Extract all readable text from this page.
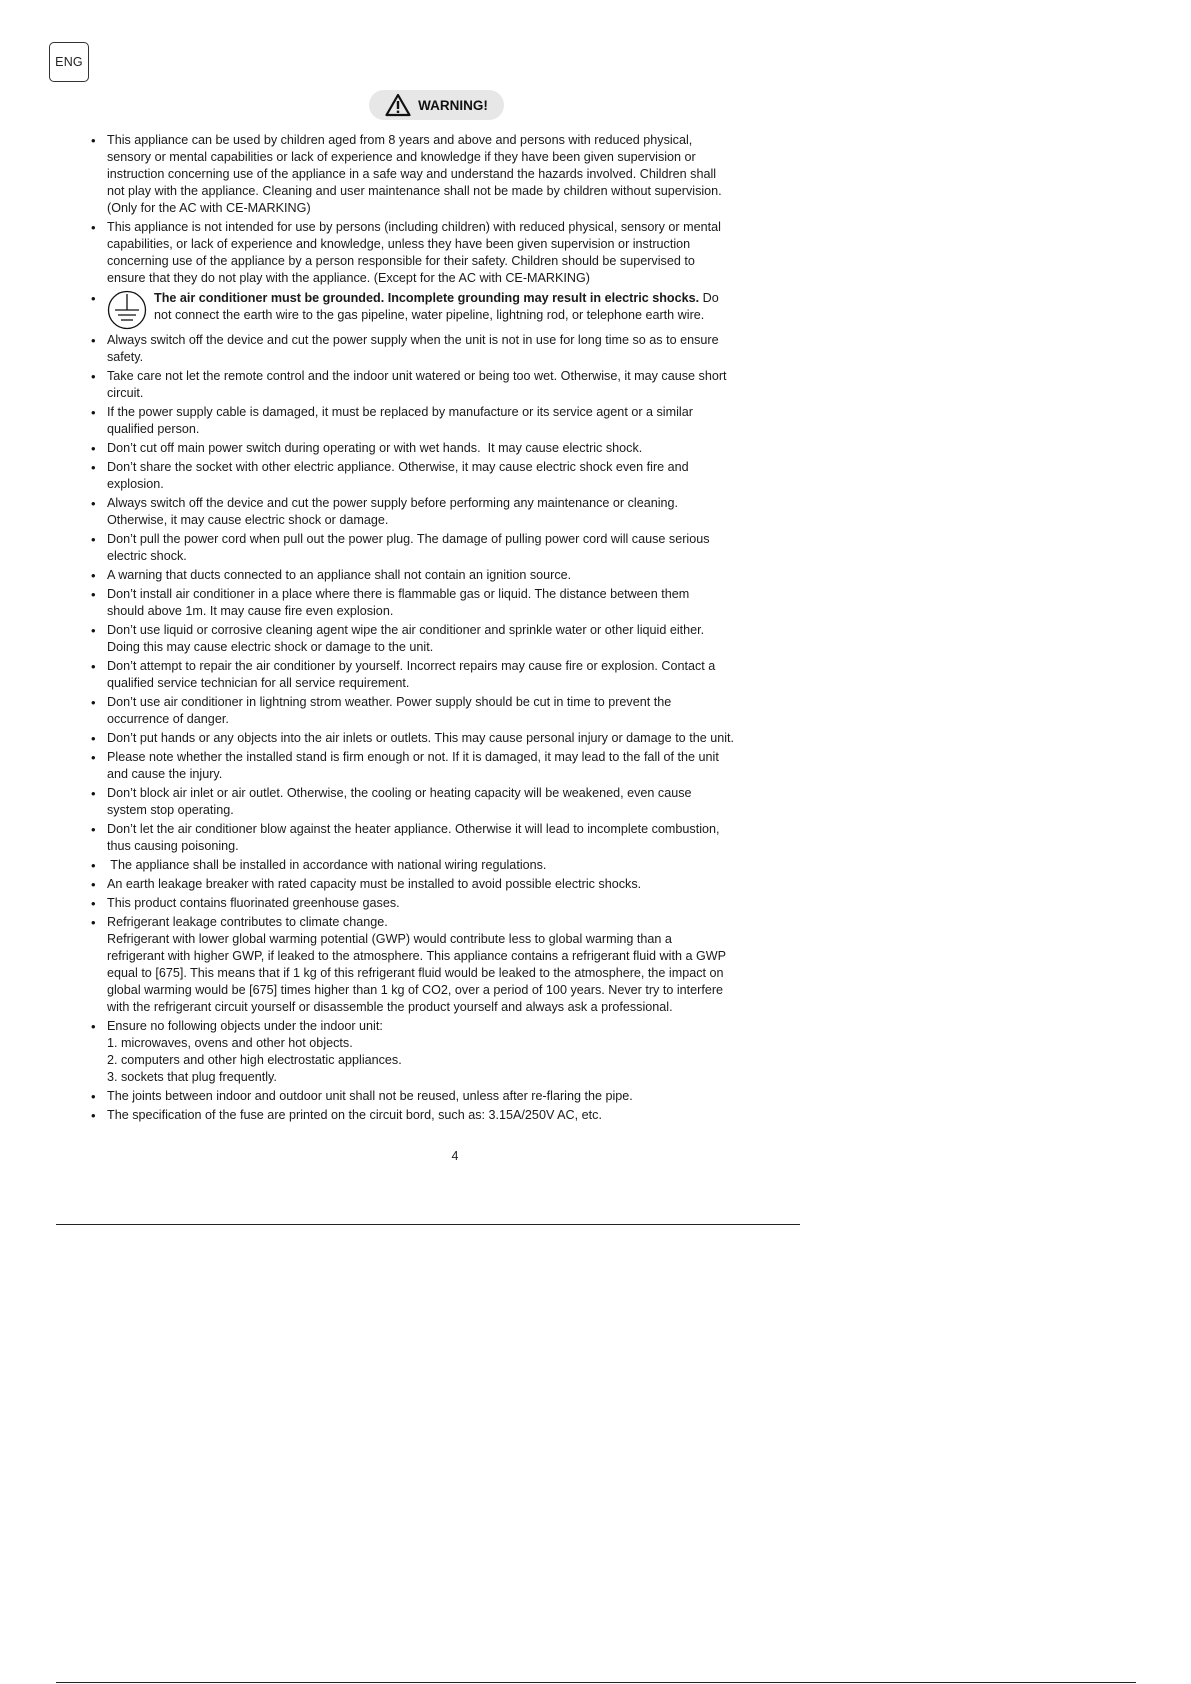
ENG
WARNING!
• This appliance can be used by children aged from 8 years and above and persons with reduced physical,
sensory or mental capabilities or lack of experience and knowledge if they have been given supervision or
instruction concerning use of the appliance in a safe way and understand the hazards involved. Children shall
not play with the appliance. Cleaning and user maintenance shall not be made by children without supervision.
(Only for the AC with CE-MARKING)
• This appliance is not intended for use by persons (including children) with reduced physical, sensory or mental
capabilities, or lack of experience and knowledge, unless they have been given supervision or instruction
concerning use of the appliance by a person responsible for their safety. Children should be supervised to
ensure that they do not play with the appliance. (Except for the AC with CE-MARKING)
• The air conditioner must be grounded. Incomplete grounding may result in electric shocks. Do
not connect the earth wire to the gas pipeline, water pipeline, lightning rod, or telephone earth wire.
• Always switch off the device and cut the power supply when the unit is not in use for long time so as to ensure
safety.
• Take care not let the remote control and the indoor unit watered or being too wet. Otherwise, it may cause short
circuit.
• If the power supply cable is damaged, it must be replaced by manufacture or its service agent or a similar
qualified person.
• Don’t cut off main power switch during operating or with wet hands.  It may cause electric shock.
• Don’t share the socket with other electric appliance. Otherwise, it may cause electric shock even fire and
explosion.
• Always switch off the device and cut the power supply before performing any maintenance or cleaning.
Otherwise, it may cause electric shock or damage.
• Don’t pull the power cord when pull out the power plug. The damage of pulling power cord will cause serious
electric shock.
• A warning that ducts connected to an appliance shall not contain an ignition source.
• Don’t install air conditioner in a place where there is flammable gas or liquid. The distance between them
should above 1m. It may cause fire even explosion.
• Don’t use liquid or corrosive cleaning agent wipe the air conditioner and sprinkle water or other liquid either.
Doing this may cause electric shock or damage to the unit.
• Don’t attempt to repair the air conditioner by yourself. Incorrect repairs may cause fire or explosion. Contact a
qualified service technician for all service requirement.
• Don’t use air conditioner in lightning strom weather. Power supply should be cut in time to prevent the
occurrence of danger.
• Don’t put hands or any objects into the air inlets or outlets. This may cause personal injury or damage to the unit.
• Please note whether the installed stand is firm enough or not. If it is damaged, it may lead to the fall of the unit
and cause the injury.
• Don’t block air inlet or air outlet. Otherwise, the cooling or heating capacity will be weakened, even cause
system stop operating.
• Don’t let the air conditioner blow against the heater appliance. Otherwise it will lead to incomplete combustion,
thus causing poisoning.
•  The appliance shall be installed in accordance with national wiring regulations.
• An earth leakage breaker with rated capacity must be installed to avoid possible electric shocks.
• This product contains fluorinated greenhouse gases.
• Refrigerant leakage contributes to climate change.
Refrigerant with lower global warming potential (GWP) would contribute less to global warming than a
refrigerant with higher GWP, if leaked to the atmosphere. This appliance contains a refrigerant fluid with a GWP
equal to [675]. This means that if 1 kg of this refrigerant fluid would be leaked to the atmosphere, the impact on
global warming would be [675] times higher than 1 kg of CO2, over a period of 100 years. Never try to interfere
with the refrigerant circuit yourself or disassemble the product yourself and always ask a professional.
• Ensure no following objects under the indoor unit:
1. microwaves, ovens and other hot objects.
2. computers and other high electrostatic appliances.
3. sockets that plug frequently.
• The joints between indoor and outdoor unit shall not be reused, unless after re-flaring the pipe.
• The specification of the fuse are printed on the circuit bord, such as: 3.15A/250V AC, etc.
4
